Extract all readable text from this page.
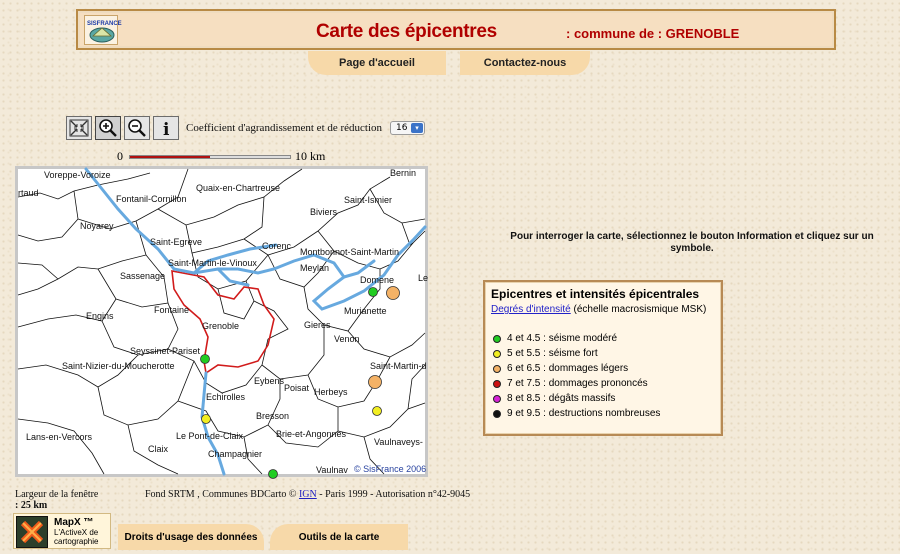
SISFRANCE	Carte des épicentres	: commune de : GRENOBLE
Page d'accueil	Contactez-nous
i Coefficient d'agrandissement et de réduction 16	▾
0	10 km
Voreppe-Voroize	Bernin
rtaud
Fontanil-Cornillon
Quaix-en-Chartreuse
Saint-Ismier
Noyarey
Biviers
Saint-Egreve	Corenc
Montbonnot-Saint-Martin
Saint-Martin-le-Vinoux
Sassenage
Meylan
Domene	Le
Engins
Fontaine	Murianette
Grenoble	Gieres
Venon
Seyssinet-Pariset
Saint-Nizier-du-Moucherotte	Saint-Martin-d
Eybens
Poisat
Echirolles	Herbeys
Bresson
Lans-en-Vercors	Le Pont-de-Claix	Brie-et-Angonnes
Vaulnaveys-
Claix	Champagnier
Vaulnav © SisFrance 2006
Largeur de la fenêtre
: 25 km
Fond SRTM , Communes BDCarto © IGN - Paris 1999 - Autorisation n°42-9045
MapX ™
L'ActiveX de
cartographie	Droits d'usage des données	Outils de la carte
Pour interroger la carte, sélectionnez le bouton Information et cliquez sur un symbole.
Epicentres et intensités épicentrales
Degrés d'intensité (échelle macrosismique MSK)
4 et 4.5 : séisme modéré
5 et 5.5 : séisme fort
6 et 6.5 : dommages légers
7 et 7.5 : dommages prononcés
8 et 8.5 : dégâts massifs
9 et 9.5 : destructions nombreuses
